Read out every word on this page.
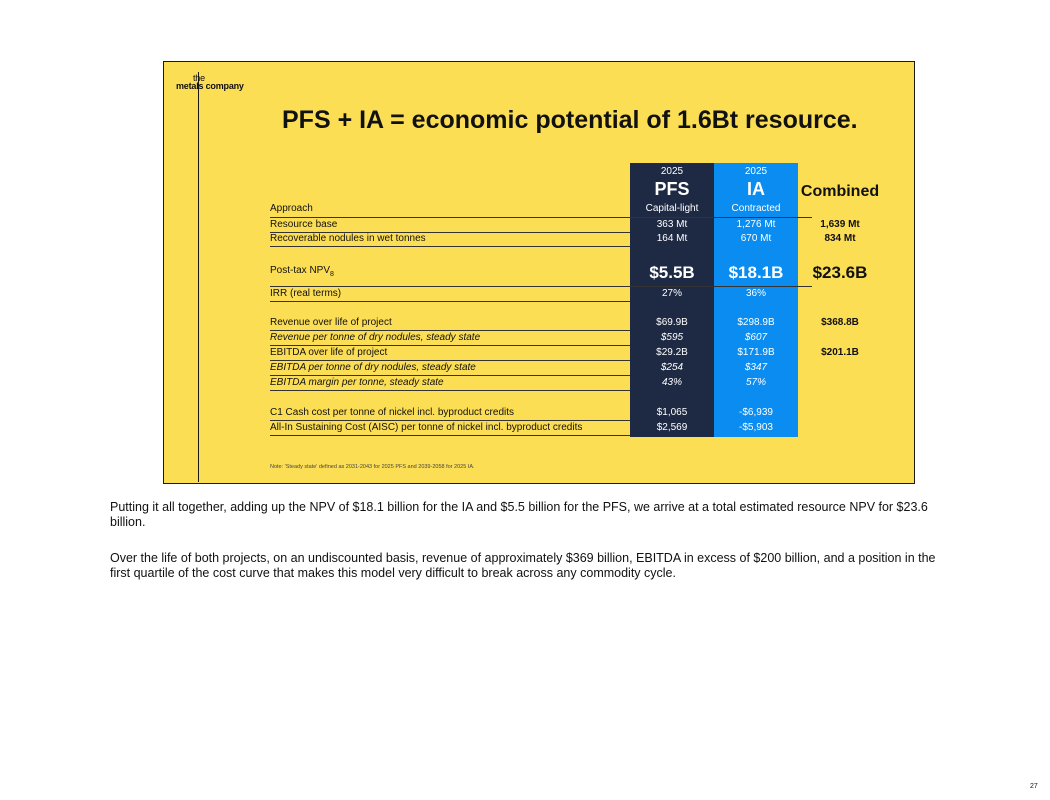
the
metals company
PFS + IA = economic potential of 1.6Bt resource.
2025
PFS
2025
IA	Combined
Approach	Capital-light	Contracted
Resource base	363 Mt	1,276 Mt	1,639 Mt
Recoverable nodules in wet tonnes	164 Mt	670 Mt	834 Mt
Post-tax $NPV_8$	$5.5B	$18.1B	$23.6B
IRR (real terms)	27%	36%
Revenue over life of project	$69.9B	$298.9B	$368.8B
Revenue per tonne of dry nodules, steady state	$595	$607
EBITDA over life of project	$29.2B	$171.9B	$201.1B
EBITDA per tonne of dry nodules, steady state	$254	$347
EBITDA margin per tonne, steady state	43%	57%
C1 Cash cost per tonne of nickel incl. byproduct credits	$1,065	-$6,939
All-In Sustaining Cost (AISC) per tonne of nickel incl. byproduct credits	$2,569	-$5,903
Note: 'Steady state' defined as 2031-2043 for 2025 PFS and 2039-2058 for 2025 IA.
Putting it all together, adding up the NPV of $18.1 billion for the IA and $5.5 billion for the PFS, we arrive at a total estimated resource NPV for $23.6 billion.
Over the life of both projects, on an undiscounted basis, revenue of approximately $369 billion, EBITDA in excess of $200 billion, and a position in the first quartile of the cost curve that makes this model very difficult to break across any commodity cycle.
27
